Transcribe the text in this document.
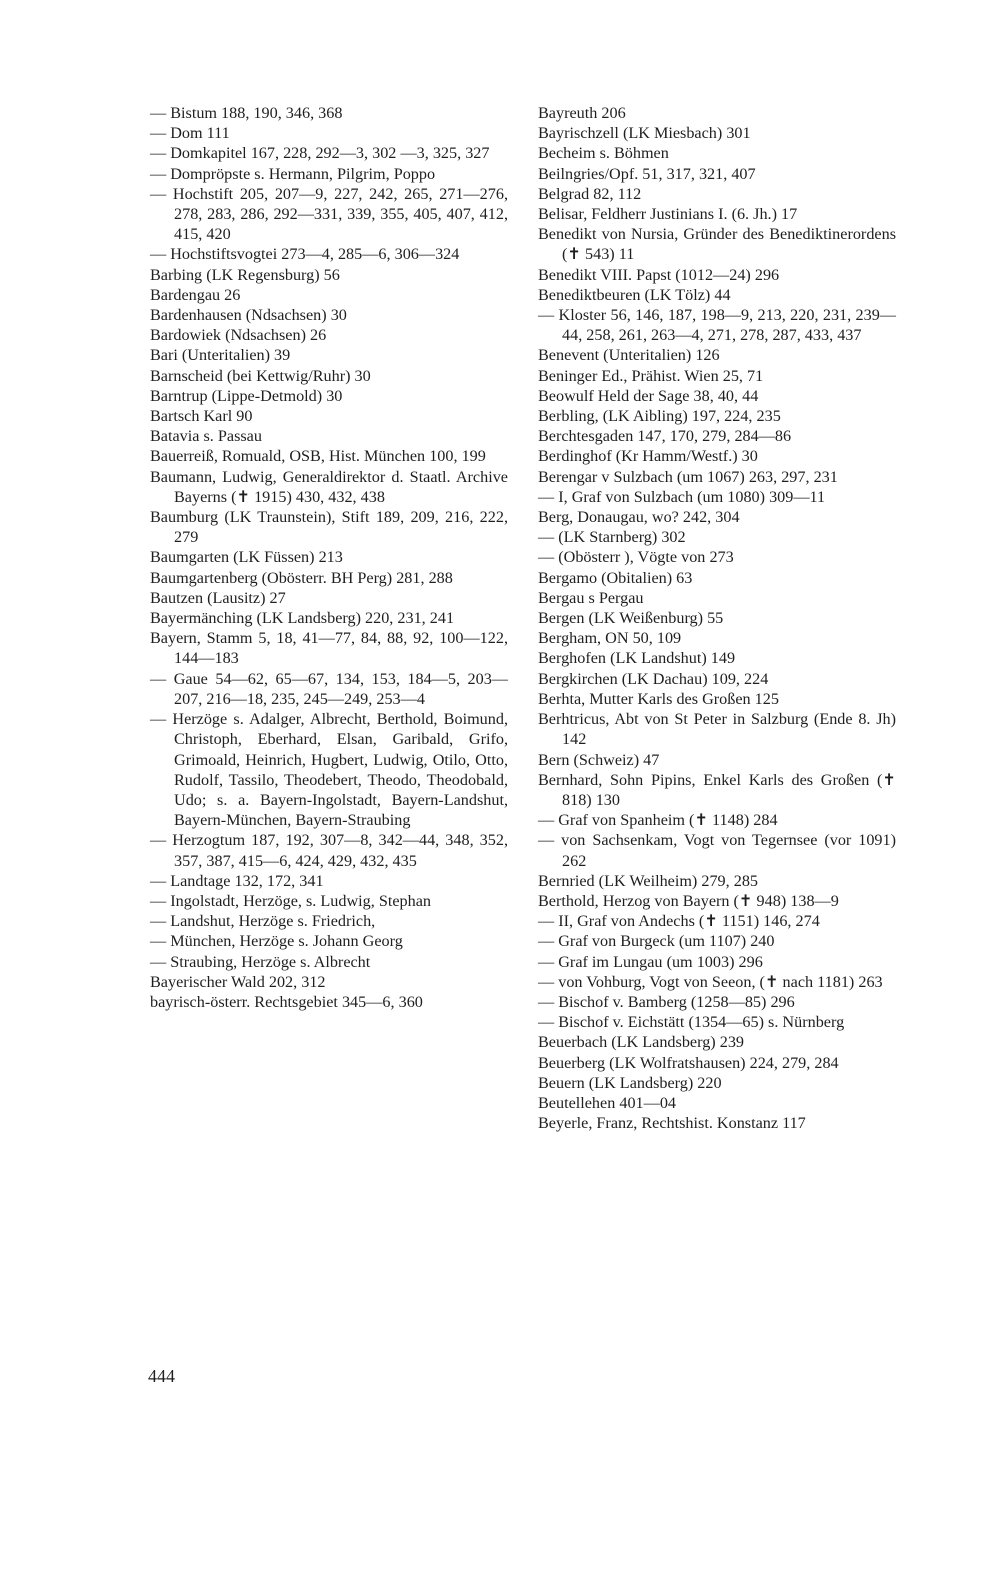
— Bistum 188, 190, 346, 368
— Dom 111
— Domkapitel 167, 228, 292—3, 302 —3, 325, 327
— Dompröpste s. Hermann, Pilgrim, Poppo
— Hochstift 205, 207—9, 227, 242, 265, 271—276, 278, 283, 286, 292—331, 339, 355, 405, 407, 412, 415, 420
— Hochstiftsvogtei 273—4, 285—6, 306—324
Barbing (LK Regensburg) 56
Bardengau 26
Bardenhausen (Ndsachsen) 30
Bardowiek (Ndsachsen) 26
Bari (Unteritalien) 39
Barnscheid (bei Kettwig/Ruhr) 30
Barntrup (Lippe-Detmold) 30
Bartsch Karl 90
Batavia s. Passau
Bauerreiß, Romuald, OSB, Hist. München 100, 199
Baumann, Ludwig, Generaldirektor d. Staatl. Archive Bayerns (✝ 1915) 430, 432, 438
Baumburg (LK Traunstein), Stift 189, 209, 216, 222, 279
Baumgarten (LK Füssen) 213
Baumgartenberg (Obösterr. BH Perg) 281, 288
Bautzen (Lausitz) 27
Bayermänching (LK Landsberg) 220, 231, 241
Bayern, Stamm 5, 18, 41—77, 84, 88, 92, 100—122, 144—183
— Gaue 54—62, 65—67, 134, 153, 184—5, 203—207, 216—18, 235, 245—249, 253—4
— Herzöge s. Adalger, Albrecht, Berthold, Boimund, Christoph, Eberhard, Elsan, Garibald, Grifo, Grimoald, Heinrich, Hugbert, Ludwig, Otilo, Otto, Rudolf, Tassilo, Theodebert, Theodo, Theodobald, Udo; s. a. Bayern-Ingolstadt, Bayern-Landshut, Bayern-München, Bayern-Straubing
— Herzogtum 187, 192, 307—8, 342—44, 348, 352, 357, 387, 415—6, 424, 429, 432, 435
— Landtage 132, 172, 341
— Ingolstadt, Herzöge, s. Ludwig, Stephan
— Landshut, Herzöge s. Friedrich,
— München, Herzöge s. Johann Georg
— Straubing, Herzöge s. Albrecht
Bayerischer Wald 202, 312
bayrisch-österr. Rechtsgebiet 345—6, 360
Bayreuth 206
Bayrischzell (LK Miesbach) 301
Becheim s. Böhmen
Beilngries/Opf. 51, 317, 321, 407
Belgrad 82, 112
Belisar, Feldherr Justinians I. (6. Jh.) 17
Benedikt von Nursia, Gründer des Benediktinerordens (✝ 543) 11
Benedikt VIII. Papst (1012—24) 296
Benediktbeuren (LK Tölz) 44
— Kloster 56, 146, 187, 198—9, 213, 220, 231, 239—44, 258, 261, 263—4, 271, 278, 287, 433, 437
Benevent (Unteritalien) 126
Beninger Ed., Prähist. Wien 25, 71
Beowulf Held der Sage 38, 40, 44
Berbling, (LK Aibling) 197, 224, 235
Berchtesgaden 147, 170, 279, 284—86
Berdinghof (Kr Hamm/Westf.) 30
Berengar v Sulzbach (um 1067) 263, 297, 231
— I, Graf von Sulzbach (um 1080) 309—11
Berg, Donaugau, wo? 242, 304
— (LK Starnberg) 302
— (Obösterr ), Vögte von 273
Bergamo (Obitalien) 63
Bergau s Pergau
Bergen (LK Weißenburg) 55
Bergham, ON 50, 109
Berghofen (LK Landshut) 149
Bergkirchen (LK Dachau) 109, 224
Berhta, Mutter Karls des Großen 125
Berhtricus, Abt von St Peter in Salzburg (Ende 8. Jh) 142
Bern (Schweiz) 47
Bernhard, Sohn Pipins, Enkel Karls des Großen (✝ 818) 130
— Graf von Spanheim (✝ 1148) 284
— von Sachsenkam, Vogt von Tegernsee (vor 1091) 262
Bernried (LK Weilheim) 279, 285
Berthold, Herzog von Bayern (✝ 948) 138—9
— II, Graf von Andechs (✝ 1151) 146, 274
— Graf von Burgeck (um 1107) 240
— Graf im Lungau (um 1003) 296
— von Vohburg, Vogt von Seeon, (✝ nach 1181) 263
— Bischof v. Bamberg (1258—85) 296
— Bischof v. Eichstätt (1354—65) s. Nürnberg
Beuerbach (LK Landsberg) 239
Beuerberg (LK Wolfratshausen) 224, 279, 284
Beuern (LK Landsberg) 220
Beutellehen 401—04
Beyerle, Franz, Rechtshist. Konstanz 117
444
